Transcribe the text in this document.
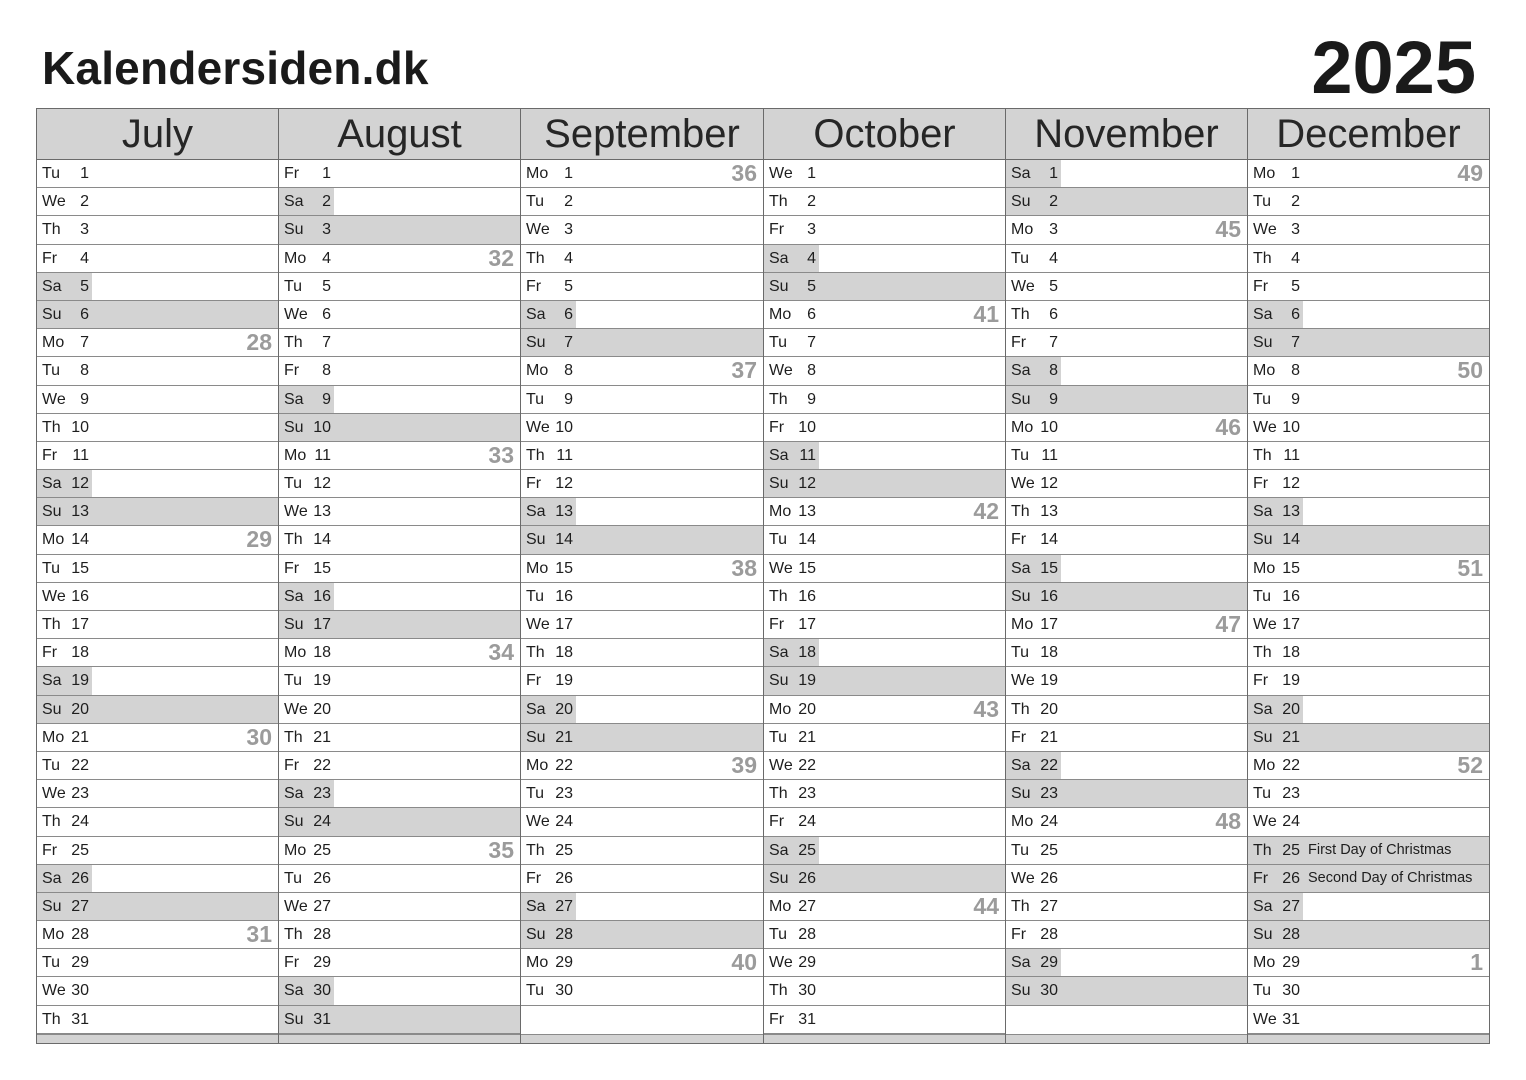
Kalendersiden.dk	2025
July
Tu	1
We 2
Th	3
Fr	4
Sa	5
Su	6
Mo 7	28
Tu	8
We 9
Th 10
Fr 11
Sa 12
Su 13
Mo 14	29
Tu 15
We 16
Th 17
Fr 18
Sa 19
Su 20
Mo 21	30
Tu 22
We 23
Th 24
Fr 25
Sa 26
Su 27
Mo 28	31
Tu 29
We 30
Th 31
August
Fr	1
Sa	2
Su	3
Mo 4	32
Tu	5
We 6
Th	7
Fr	8
Sa	9
Su 10
Mo 11	33
Tu 12
We 13
Th 14
Fr 15
Sa 16
Su 17
Mo 18	34
Tu 19
We 20
Th 21
Fr 22
Sa 23
Su 24
Mo 25	35
Tu 26
We 27
Th 28
Fr 29
Sa 30
Su 31
September
Mo 1	36
Tu	2
We 3
Th	4
Fr	5
Sa	6
Su	7
Mo 8	37
Tu	9
We 10
Th 11
Fr 12
Sa 13
Su 14
Mo 15	38
Tu 16
We 17
Th 18
Fr 19
Sa 20
Su 21
Mo 22	39
Tu 23
We 24
Th 25
Fr 26
Sa 27
Su 28
Mo 29	40
Tu 30
October
We 1
Th	2
Fr	3
Sa	4
Su	5
Mo 6	41
Tu	7
We 8
Th	9
Fr 10
Sa 11
Su 12
Mo 13	42
Tu 14
We 15
Th 16
Fr 17
Sa 18
Su 19
Mo 20	43
Tu 21
We 22
Th 23
Fr 24
Sa 25
Su 26
Mo 27	44
Tu 28
We 29
Th 30
Fr 31
November
Sa	1
Su	2
Mo 3	45
Tu	4
We 5
Th	6
Fr	7
Sa	8
Su	9
Mo 10	46
Tu 11
We 12
Th 13
Fr 14
Sa 15
Su 16
Mo 17	47
Tu 18
We 19
Th 20
Fr 21
Sa 22
Su 23
Mo 24	48
Tu 25
We 26
Th 27
Fr 28
Sa 29
Su 30
December
Mo 1	49
Tu	2
We 3
Th	4
Fr	5
Sa	6
Su	7
Mo 8	50
Tu	9
We 10
Th 11
Fr 12
Sa 13
Su 14
Mo 15	51
Tu 16
We 17
Th 18
Fr 19
Sa 20
Su 21
Mo 22	52
Tu 23
We 24
Th 25 First Day of Christmas
Fr 26 Second Day of Christmas
Sa 27
Su 28
Mo 29	1
Tu 30
We 31
